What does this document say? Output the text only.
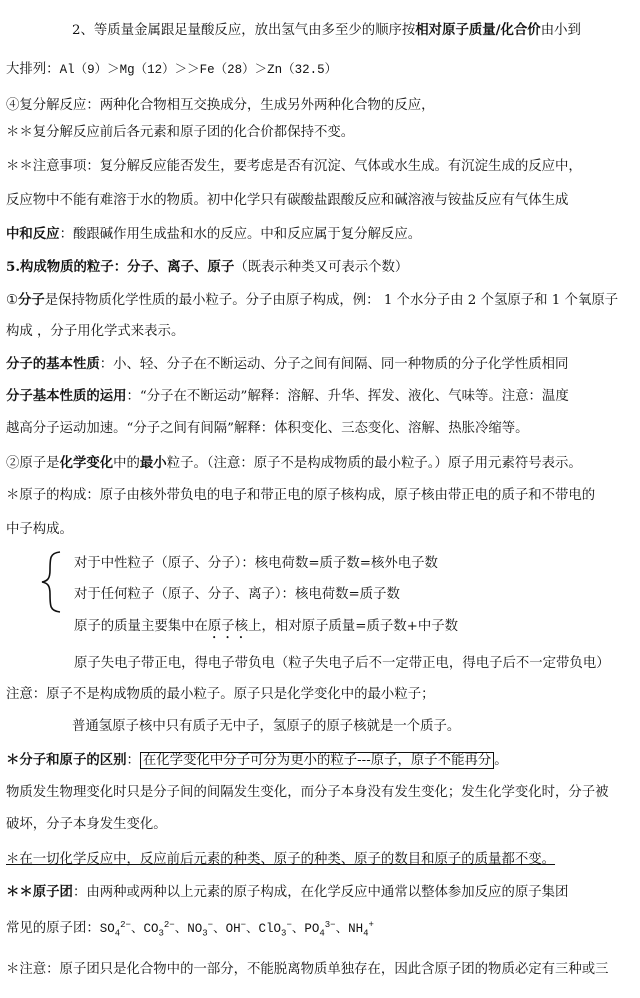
2、等质量金属跟足量酸反应，放出氢气由多至少的顺序按相对原子质量/化合价由小到
大排列：Al（9）＞Mg（12）＞＞Fe（28）＞Zn（32.5）
④复分解反应：两种化合物相互交换成分，生成另外两种化合物的反应，
＊＊复分解反应前后各元素和原子团的化合价都保持不变。
＊＊注意事项：复分解反应能否发生，要考虑是否有沉淀、气体或水生成。有沉淀生成的反应中，
反应物中不能有难溶于水的物质。初中化学只有碳酸盐跟酸反应和碱溶液与铵盐反应有气体生成
中和反应：酸跟碱作用生成盐和水的反应。中和反应属于复分解反应。
5.构成物质的粒子：分子、离子、原子（既表示种类又可表示个数）
①分子是保持物质化学性质的最小粒子。分子由原子构成，例： 1 个水分子由 2 个氢原子和 1 个氧原子
构成 ，分子用化学式来表示。
分子的基本性质：小、轻、分子在不断运动、分子之间有间隔、同一种物质的分子化学性质相同
分子基本性质的运用：“分子在不断运动”解释：溶解、升华、挥发、液化、气味等。注意：温度
越高分子运动加速。“分子之间有间隔”解释：体积变化、三态变化、溶解、热胀冷缩等。
②原子是化学变化中的最小粒子。（注意：原子不是构成物质的最小粒子。）原子用元素符号表示。
＊原子的构成：原子由核外带负电的电子和带正电的原子核构成，原子核由带正电的质子和不带电的
中子构成。
对于中性粒子（原子、分子）：核电荷数=质子数=核外电子数
对于任何粒子（原子、分子、离子）：核电荷数=质子数
原子的质量主要集中在原子核上，相对原子质量=质子数+中子数
原子失电子带正电，得电子带负电（粒子失电子后不一定带正电，得电子后不一定带负电）
注意：原子不是构成物质的最小粒子。原子只是化学变化中的最小粒子；
普通氢原子核中只有质子无中子，氢原子的原子核就是一个质子。
＊分子和原子的区别： 在化学变化中分子可分为更小的粒子---原子，原子不能再分 。
物质发生物理变化时只是分子间的间隔发生变化，而分子本身没有发生变化；发生化学变化时，分子被
破坏，分子本身发生变化。
＊在一切化学反应中，反应前后元素的种类、原子的种类、原子的数目和原子的质量都不变。
＊＊原子团：由两种或两种以上元素的原子构成，在化学反应中通常以整体参加反应的原子集团
常见的原子团：$SO_4^{2-}$、$CO_3^{2-}$、$NO_3^-$、OH−、ClO$_3$−、$PO_4^{3-}$、$NH_4^+$
＊注意：原子团只是化合物中的一部分，不能脱离物质单独存在，因此含原子团的物质必定有三种或三
